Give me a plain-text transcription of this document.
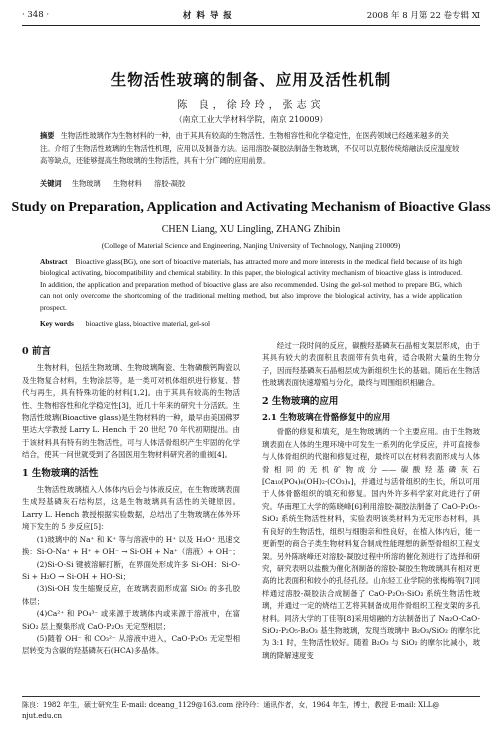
· 348 ·	材 料 导 报	2008 年 8 月第 22 卷专辑 Ⅺ
生物活性玻璃的制备、应用及活性机制
陈 良，徐玲玲，张志宾
（南京工业大学材料学院，南京 210009）
摘要 生物活性玻璃作为生物材料的一种，由于其具有较高的生物活性、生物相容性和化学稳定性，在医药领域已经越来越多的关注。介绍了生物活性玻璃的生物活性机理，应用以及制备方法。运用溶胶-凝胶法制备生物玻璃，不仅可以克服传统熔融法反应温度较高等缺点，还能够提高生物玻璃的生物活性，具有十分广阔的应用前景。
关键词 生物玻璃 生物材料 溶胶-凝胶
Study on Preparation, Application and Activating Mechanism of Bioactive Glass
CHEN Liang, XU Lingling, ZHANG Zhibin
(College of Material Science and Engineering, Nanjing University of Technology, Nanjing 210009)
Abstract Bioactive glass(BG), one sort of bioactive materials, has attracted more and more interests in the medical field because of its high biological activating, biocompatibility and chemical stability. In this paper, the biological activity mechanism of bioactive glass is introduced. In addition, the application and preparation method of bioactive glass are also recommended. Using the gel-sol method to prepare BG, which can not only overcome the shortcoming of the traditional melting method, but also improve the biological activity, has a wide application prospect.
Key words bioactive glass, bioactive material, gel-sol
0 前言

生物材料，包括生物玻璃、生物玻璃陶瓷、生物磷酸钙陶瓷以及生物复合材料，生物涂层等，是一类可对机体组织进行修复、替代与再生，具有特殊功能的材料[1,2]。由于其具有较高的生物活性、生物相容性和化学稳定性[3]，近几十年来的研究十分活跃。生物活性玻璃(Bioactive glass)是生物材料的一种，最早由美国佛罗里达大学教授 Larry L. Hench 于 20 世纪 70 年代初期提出。由于该材料具有特有的生物活性，可与人体活骨组织产生牢固的化学结合，使其一问世就受到了各国医用生物材料研究者的重视[4]。

1 生物玻璃的活性

生物活性玻璃植入人体体内后会与体液反应，在生物玻璃表面生成羟基磷灰石结构层，这是生物玻璃具有活性的关键原因。Larry L. Hench 教授根据实验数据，总结出了生物玻璃在体外环境下发生的 5 步反应[5]：

(1)玻璃中的 Na⁺ 和 K⁺ 等与溶液中的 H⁺ 以及 H₃O⁺ 迅速交换：Si-O-Na⁺ + H⁺ + OH⁻ → Si-OH + Na⁺（溶液）+ OH⁻；

(2)Si-O-Si 键被溶解打断，在界面处形成许多 Si-OH：Si-O-Si + H₂O → Si-OH + HO-Si；

(3)Si-OH 发生缩聚反应，在玻璃表面形成富 SiO₂ 的多孔胶体层；

(4)Ca²⁺ 和 PO₄³⁻ 或来源于玻璃体内或来源于溶液中，在富 SiO₂ 层上聚集形成 CaO-P₂O₅ 无定型相层；

(5)随着 OH⁻ 和 CO₃²⁻ 从溶液中进入，CaO-P₂O₅ 无定型相层转变为含碳的羟基磷灰石(HCA)多晶体。

经过一段时间的反应，碳酸羟基磷灰石晶相支架层形成，由于其具有较大的表面积且表面带有负电荷，适合吸附大量的生物分子，因而羟基磷灰石晶相层成为新组织生长的基础。随后在生物活性玻璃表面快速增殖与分化，最终与周围组织相融合。

2 生物玻璃的应用
2.1 生物玻璃在骨骼修复中的应用

骨骼的修复和填充，是生物玻璃的一个主要应用。由于生物玻璃表面在人体的生理环境中可发生一系列的化学反应，并可直接参与人体骨组织的代谢和修复过程，最终可以在材料表面形成与人体骨相同的无机矿物成分——碳酸羟基磷灰石[Ca₁₀(PO₄)₆(OH)₂·(CO₃)ₓ]，并通过与活骨组织的生长，所以可用于人体骨骼组织的填充和修复。国内外许多科学家对此进行了研究。华南理工大学的陈晓峰[6]利用溶胶-凝胶法制备了 CaO-P₂O₅-SiO₂ 系统生物活性材料，实验表明该类材料为无定形态材料，具有良好的生物活性，组织与细胞亲和性良好，在植入体内后，能一更新型的商合子类生物材料复合制成性能理想的新型骨组织工程支架。另外陈晓峰还对溶胶-凝胶过程中所溶的催化剂进行了选择和研究，研究表明以盐酸为催化剂制备的溶胶-凝胶生物玻璃具有相对更高的比表面积和较小的孔径孔径。山东轻工业学院的张梅梅等[7]同样通过溶胶-凝胶法合成制备了 CaO-P₂O₅-SiO₂ 系统生物活性玻璃，并通过一定的烧结工艺将其制备成用作骨组织工程支架的多孔材料。同济大学的丁佳等[8]采用熔融的方法制备出了 Na₂O-CaO-SiO₂-P₂O₅-B₂O₃ 基生物玻璃，发现当玻璃中 B₂O₃/SiO₂ 的摩尔比为 3:1 时，生物活性较好。随着 B₂O₃ 与 SiO₂ 的摩尔比减小，玻璃的降解速度变

陈良：1982 年生，硕士研究生 E-mail: dceang_1129@163.com 徐玲玲：通讯作者，女，1964 年生，博士，教授 E-mail: XLL@
njut.edu.cn
